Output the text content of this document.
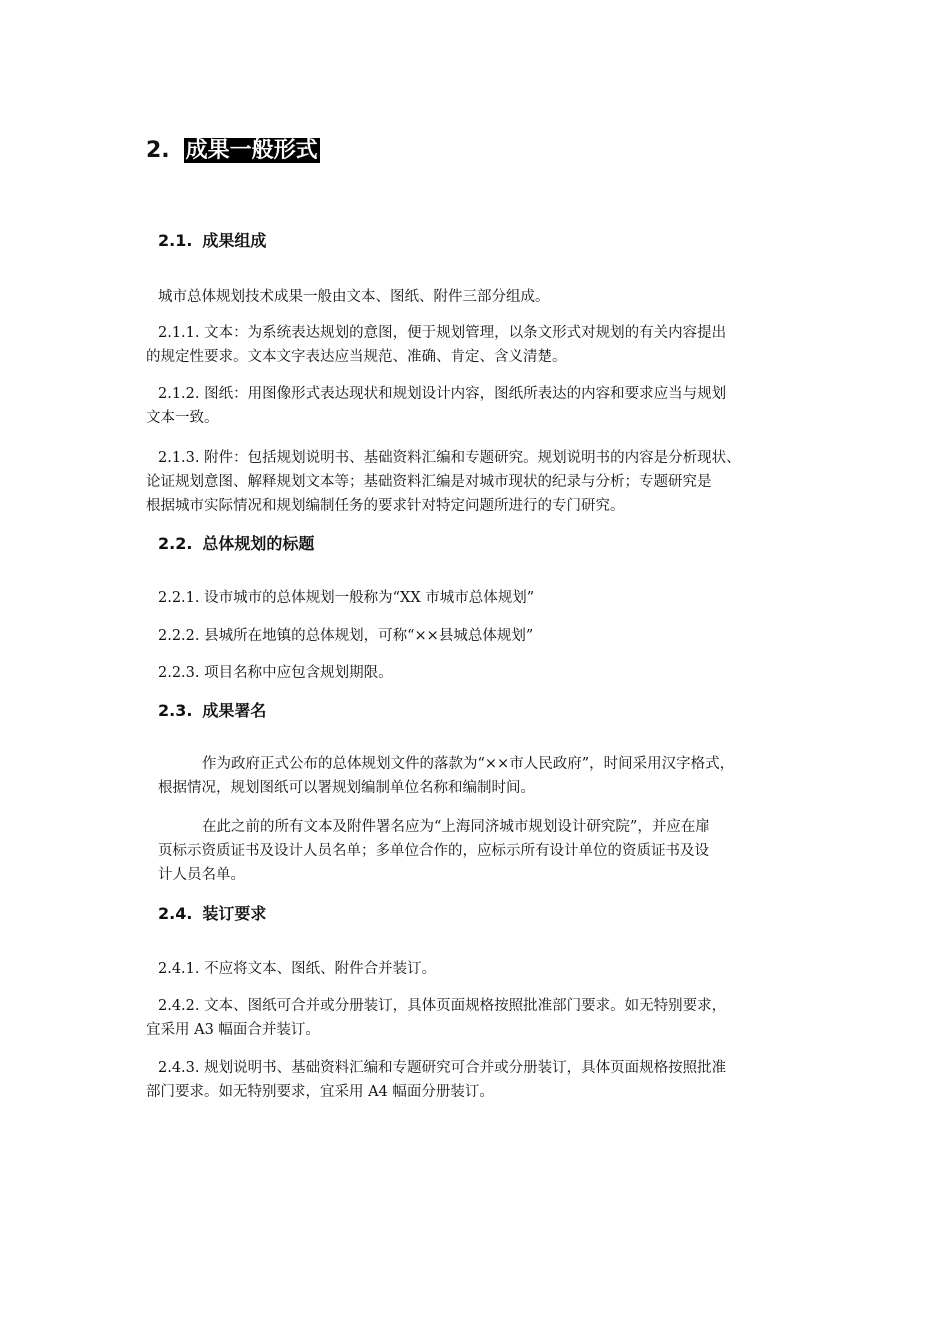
2. 成果一般形式
2.1. 成果组成
城市总体规划技术成果一般由文本、图纸、附件三部分组成。
2.1.1. 文本：为系统表达规划的意图，便于规划管理，以条文形式对规划的有关内容提出
的规定性要求。文本文字表达应当规范、准确、肯定、含义清楚。
2.1.2. 图纸：用图像形式表达现状和规划设计内容，图纸所表达的内容和要求应当与规划
文本一致。
2.1.3. 附件：包括规划说明书、基础资料汇编和专题研究。规划说明书的内容是分析现状、
论证规划意图、解释规划文本等；基础资料汇编是对城市现状的纪录与分析；专题研究是
根据城市实际情况和规划编制任务的要求针对特定问题所进行的专门研究。
2.2. 总体规划的标题
2.2.1. 设市城市的总体规划一般称为“XX 市城市总体规划”
2.2.2. 县城所在地镇的总体规划，可称“××县城总体规划”
2.2.3. 项目名称中应包含规划期限。
2.3. 成果署名
作为政府正式公布的总体规划文件的落款为“××市人民政府”，时间采用汉字格式，
根据情况，规划图纸可以署规划编制单位名称和编制时间。
在此之前的所有文本及附件署名应为“上海同济城市规划设计研究院”，并应在扉
页标示资质证书及设计人员名单；多单位合作的，应标示所有设计单位的资质证书及设
计人员名单。
2.4. 装订要求
2.4.1. 不应将文本、图纸、附件合并装订。
2.4.2. 文本、图纸可合并或分册装订，具体页面规格按照批准部门要求。如无特别要求，
宜采用 A3 幅面合并装订。
2.4.3. 规划说明书、基础资料汇编和专题研究可合并或分册装订，具体页面规格按照批准
部门要求。如无特别要求，宜采用 A4 幅面分册装订。
